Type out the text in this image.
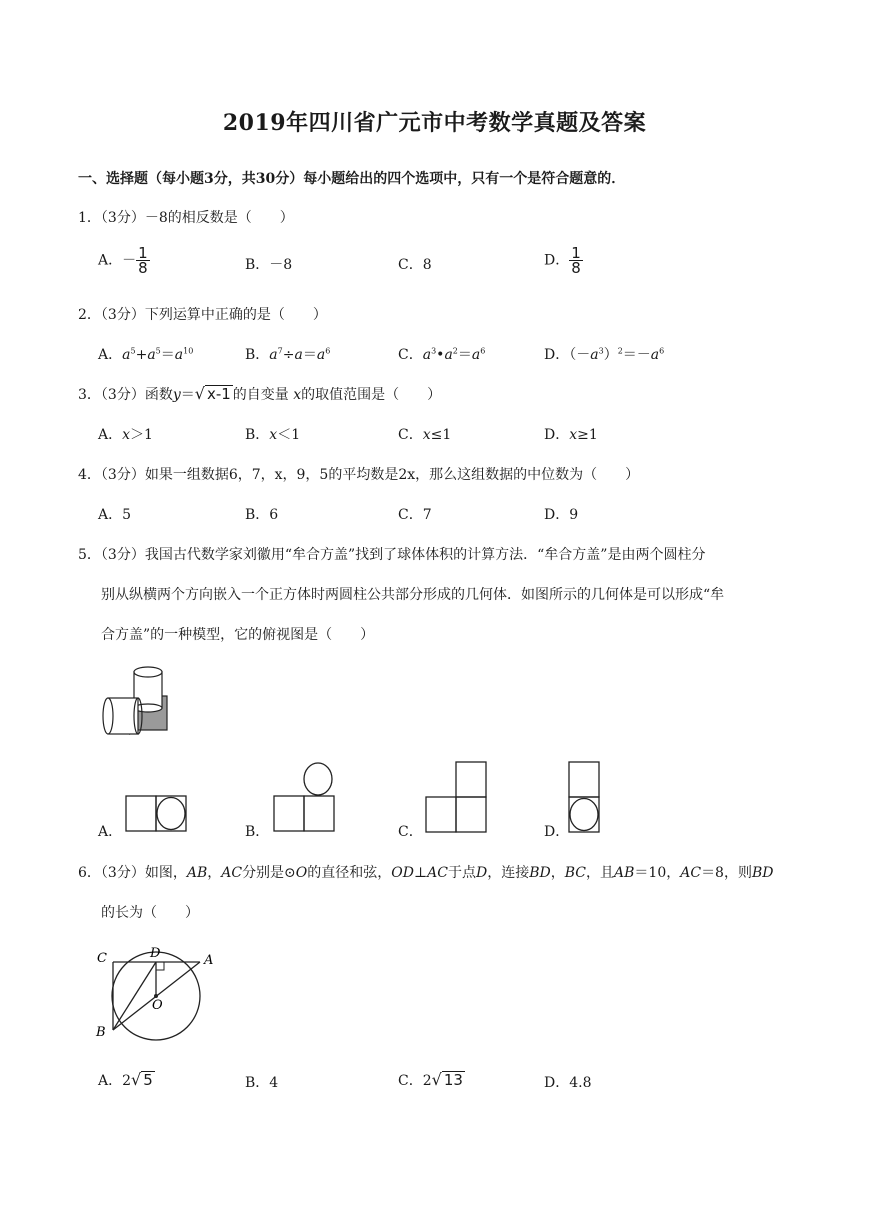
2019年四川省广元市中考数学真题及答案
一、选择题（每小题3分，共30分）每小题给出的四个选项中，只有一个是符合题意的．
1．（3分）－8的相反数是（　　）
A．－ $\frac{1}{8}$	B．－8	C．8	D． $\frac{1}{8}$
2．（3分）下列运算中正确的是（　　）
A．$a^5+a^5=a^{10}$	B．$a^7\div a=a^6$	C．$a^3•a^2=a^6$	D．$(-a^3)^2=-a^6$
3．（3分）函数y＝√ x-1 的自变量 x的取值范围是（　　）
A．x＞1	B．x＜1	C．x≤1	D．x≥1
4．（3分）如果一组数据6，7，x，9，5的平均数是2x，那么这组数据的中位数为（　　）
A．5	B．6	C．7	D．9
5．（3分）我国古代数学家刘徽用“牟合方盖”找到了球体体积的计算方法．“牟合方盖”是由两个圆柱分
别从纵横两个方向嵌入一个正方体时两圆柱公共部分形成的几何体．如图所示的几何体是可以形成“牟
合方盖”的一种模型，它的俯视图是（　　）
A．	B．	C．	D．
6．（3分）如图，AB，AC分别是⊙O的直径和弦，OD⊥AC于点D，连接BD，BC，且AB＝10，AC＝8，则BD
的长为（　　）
C	D	A
O
B
A．2√ 5	B．4	C．2√ 13	D．4.8
